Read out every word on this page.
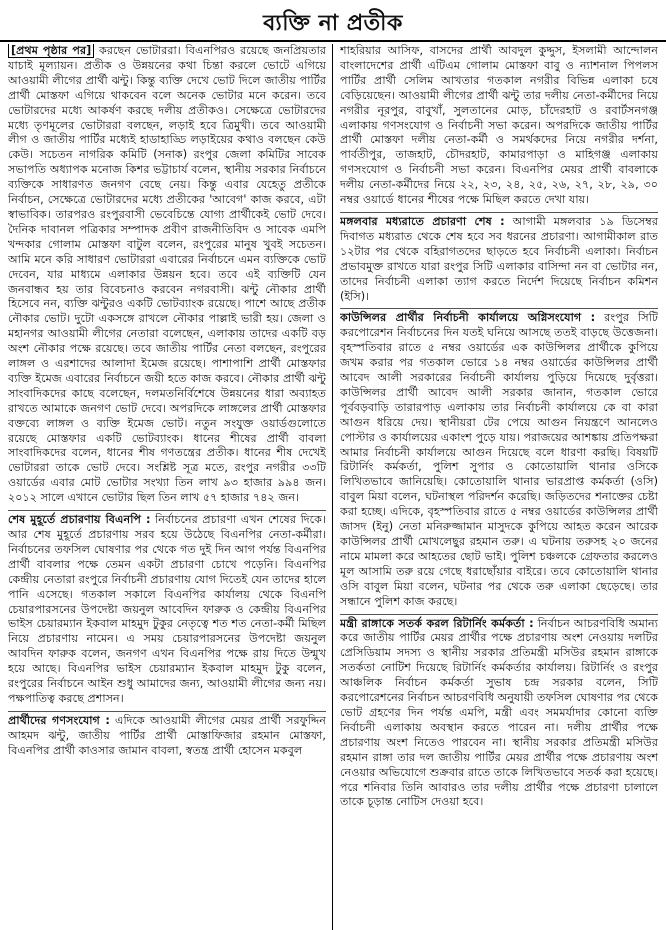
ব্যক্তি না প্রতীক

[প্রথম পৃষ্ঠার পর] করছেন ভোটাররা। বিএনপিরও রয়েছে জনপ্রিয়তার যাচাই মূল্যায়ন। প্রতীক ও উন্নয়নের কথা চিন্তা করলে ভোটে এগিয়ে আওয়ামী লীগের প্রার্থী ঝন্টু। কিন্তু ব্যক্তি দেখে ভোট দিলে জাতীয় পার্টির প্রার্থী মোস্তফা এগিয়ে থাকবেন বলে অনেক ভোটার মনে করেন। তবে ভোটারদের মধ্যে আকর্ষণ করছে দলীয় প্রতীকও। সেক্ষেত্রে ভোটারদের মধ্যে তৃণমূলের ভোটাররা বলছেন, লড়াই হবে ত্রিমুখী। তবে আওয়ামী লীগ ও জাতীয় পার্টির মধ্যেই হাডাহাড্ডি লড়াইয়ের কথাও বলছেন কেউ কেউ। সচেতন নাগরিক কমিটি (সনাক) রংপুর জেলা কমিটির সাবেক সভাপতি অধ্যাপক মনোজ কিশর ভট্টাচার্য বলেন, স্থানীয় সরকার নির্বাচনে ব্যক্তিকে সাধারণত জনগণ বেছে নেয়। কিন্তু এবার যেহেতু প্রতীকে নির্বাচন, সেক্ষেত্রে ভোটারদের মধ্যে প্রতীকের 'আবেগ' কাজ করবে, এটা স্বাভাবিক। তারপরও রংপুরবাসী ভেবেচিন্তে যোগ্য প্রার্থীকেই ভোট দেবে। দৈনিক দাবানল পত্রিকার সম্পাদক প্রবীণ রাজনীতিবিদ ও সাবেক এমপি খন্দকার গোলাম মোস্তফা বাটুল বলেন, রংপুরের মানুষ খুবই সচেতন। আমি মনে করি সাধারণ ভোটাররা এবারের নির্বাচনে এমন ব্যক্তিকে ভোট দেবেন, যার মাধ্যমে এলাকার উন্নয়ন হবে। তবে এই ব্যক্তিটি যেন জনবান্ধব হয় তার বিবেচনাও করবেন নগরবাসী। ঝন্টু নৌকার প্রার্থী হিসেবে নন, ব্যক্তি ঝন্টুরও একটি ভোটব্যাংক রয়েছে। পাশে আছে প্রতীক নৌকার ভোট। দুটো একসঙ্গে রাখলে নৌকার পাল্লাই ভারী হয়। জেলা ও মহানগর আওয়ামী লীগের নেতারা বলেছেন, এলাকায় তাদের একটি বড় অংশ নৌকার পক্ষে রয়েছে। তবে জাতীয় পার্টির নেতা বলছেন, রংপুরের লাঙ্গল ও এরশাদের আলাদা ইমেজ রয়েছে। পাশাপাশি প্রার্থী মোস্তফার ব্যক্তি ইমেজ এবারের নির্বাচনে জয়ী হতে কাজ করবে। নৌকার প্রার্থী ঝন্টু সাংবাদিকদের কাছে বলেছেন, দলমতনির্বিশেষে উন্নয়নের ধারা অব্যাহত রাখতে আমাকে জনগণ ভোট দেবে। অপরদিকে লাঙ্গলের প্রার্থী মোস্তফার বক্তব্যে লাঙ্গল ও ব্যক্তি ইমেজ ভোট। নতুন সংযুক্ত ওয়ার্ডগুলোতে রয়েছে মোস্তফার একটি ভোটব্যাংক। ধানের শীষের প্রার্থী বাবলা সাংবাদিকদের বলেন, ধানের শীষ গণতন্ত্রের প্রতীক। ধানের শীষ দেখেই ভোটাররা তাকে ভোট দেবে। সংশ্লিষ্ট সূত্র মতে, রংপুর নগরীর ৩৩টি ওয়ার্ডের এবার মোট ভোটার সংখ্যা তিন লাখ ৯৩ হাজার ৯৯৪ জন। ২০১২ সালে এখানে ভোটার ছিল তিন লাখ ৫৭ হাজার ৭৪২ জন।

শেষ মুহূর্তে প্রচারণায় বিএনপি : নির্বাচনের প্রচারণা এখন শেষের দিকে। আর শেষ মুহূর্তে প্রচারণায় সরব হয়ে উঠেছে বিএনপির নেতা-কর্মীরা। নির্বাচনের তফসিল ঘোষণার পর থেকে গত দুই দিন আগ পর্যন্ত বিএনপির প্রার্থী বাবলার পক্ষে তেমন একটা প্রচারণা চোখে পড়েনি। বিএনপির কেন্দ্রীয় নেতারা রংপুরে নির্বাচনী প্রচারণায় যোগ দিতেই যেন তাদের হালে পানি এসেছে। গতকাল সকালে বিএনপির কার্যালয় থেকে বিএনপি চেয়ারপারসনের উপদেষ্টা জয়নুল আবেদিন ফারুক ও কেন্দ্রীয় বিএনপির ভাইস চেয়ারম্যান ইকবাল মাহমুদ টুকুর নেতৃত্বে শত শত নেতা-কর্মী মিছিল নিয়ে প্রচারণায় নামেন। এ সময় চেয়ারপারসনের উপদেষ্টা জয়নুল আবদিন ফারুক বলেন, জনগণ এখন বিএনপির পক্ষে রায় দিতে উন্মুখ হয়ে আছে। বিএনপির ভাইস চেয়ারম্যান ইকবাল মাহমুদ টুকু বলেন, রংপুরের নির্বাচনে আইন শুধু আমাদের জন্য, আওয়ামী লীগের জন্য নয়। পক্ষপাতিত্ব করছে প্রশাসন।

প্রার্থীদের গণসংযোগ : এদিকে আওয়ামী লীগের মেয়র প্রার্থী সরফুদ্দিন আহমদ ঝন্টু, জাতীয় পার্টির প্রার্থী মোস্তাফিজার রহমান মোস্তফা, বিএনপির প্রার্থী কাওসার জামান বাবলা, স্বতন্ত্র প্রার্থী হোসেন মকবুল

শাহরিয়ার আসিফ, বাসদের প্রার্থী আবদুল কুদ্দুস, ইসলামী আন্দোলন বাংলাদেশের প্রার্থী এটিএম গোলাম মোস্তফা বাবু ও ন্যাশনাল পিপলস পার্টির প্রার্থী সেলিম আখতার গতকাল নগরীর বিভিন্ন এলাকা চষে বেড়িয়েছেন। আওয়ামী লীগের প্রার্থী ঝন্টু তার দলীয় নেতা-কর্মীদের নিয়ে নগরীর নূরপুর, বাবুখাঁ, সুলতানের মোড়, চাঁদেরহাট ও রবার্টসনগঞ্জ এলাকায় গণসংযোগ ও নির্বাচনী সভা করেন। অপরদিকে জাতীয় পার্টির প্রার্থী মোস্তফা দলীয় নেতা-কর্মী ও সমর্থকদের নিয়ে নগরীর দর্শনা, পার্বতীপুর, তাজহাট, চৌদরহাট, কামারপাড়া ও মাহিগঞ্জ এলাকায় গণসংযোগ ও নির্বাচনী সভা করেন। বিএনপির মেয়র প্রার্থী বাবলাকে দলীয় নেতা-কর্মীদের নিয়ে ২২, ২৩, ২৪, ২৫, ২৬, ২৭, ২৮, ২৯, ৩০ নম্বর ওয়ার্ডে ধানের শীষের পক্ষে মিছিল করতে দেখা যায়।

মঙ্গলবার মধ্যরাতে প্রচারণা শেষ : আগামী মঙ্গলবার ১৯ ডিসেম্বর দিবাগত মধ্যরাত থেকে শেষ হবে সব ধরনের প্রচারণা। আগামীকাল রাত ১২টার পর থেকে বহিরাগতদের ছাড়তে হবে নির্বাচনী এলাকা। নির্বাচন প্রভাবমুক্ত রাখতে যারা রংপুর সিটি এলাকার বাসিন্দা নন বা ভোটার নন, তাদের নির্বাচনী এলাকা ত্যাগ করতে নির্দেশ দিয়েছে নির্বাচন কমিশন (ইসি)।

কাউন্সিলর প্রার্থীর নির্বাচনী কার্যালয়ে অগ্নিসংযোগ : রংপুর সিটি করপোরেশন নির্বাচনের দিন যতই ঘনিয়ে আসছে ততই বাড়ছে উত্তেজনা। বৃহস্পতিবার রাতে ৫ নম্বর ওয়ার্ডের এক কাউন্সিলর প্রার্থীকে কুপিয়ে জখম করার পর গতকাল ভোরে ১৪ নম্বর ওয়ার্ডের কাউন্সিলর প্রার্থী আবেদ আলী সরকারের নির্বাচনী কার্যালয় পুড়িয়ে দিয়েছে দুর্বৃত্তরা। কাউন্সিলর প্রার্থী আবেদ আলী সরকার জানান, গতকাল ভোরে পূর্ববড়বাড়ি তারারপাড় এলাকায় তার নির্বাচনী কার্যালয়ে কে বা কারা আগুন ধরিয়ে দেয়। স্থানীয়রা টের পেয়ে আগুন নিয়ন্ত্রণে আনলেও পোস্টার ও কার্যালয়ের একাংশ পুড়ে যায়। পরাজয়ের আশঙ্কায় প্রতিপক্ষরা আমার নির্বাচনী কার্যালয়ে আগুন দিয়েছে বলে ধারণা করছি। বিষয়টি রিটার্নিং কর্মকর্তা, পুলিশ সুপার ও কোতোয়ালি থানার ওসিকে লিখিতভাবে জানিয়েছি। কোতোয়ালি থানার ভারপ্রাপ্ত কর্মকর্তা (ওসি) বাবুল মিয়া বলেন, ঘটনাস্থল পরিদর্শন করেছি। জড়িতদের শনাক্তের চেষ্টা করা হচ্ছে। এদিকে, বৃহস্পতিবার রাতে ৫ নম্বর ওয়ার্ডের কাউন্সিলর প্রার্থী জাসদ (ইনু) নেতা মনিরুজ্জামান মাসুদকে কুপিয়ে আহত করেন আরেক কাউন্সিলর প্রার্থী মোখলেছুর রহমান তরু। এ ঘটনায় তরুসহ ২০ জনের নামে মামলা করে আহতের ছোট ভাই। পুলিশ চঞ্চলকে গ্রেফতার করলেও মূল আসামি তরু রয়ে গেছে ধরাছোঁয়ার বাইরে। তবে কোতোয়ালি থানার ওসি বাবুল মিয়া বলেন, ঘটনার পর থেকে তরু এলাকা ছেড়েছে। তার সন্ধানে পুলিশ কাজ করছে।

মন্ত্রী রাঙ্গাকে সতর্ক করল রিটার্নিং কর্মকর্তা : নির্বাচন আচরণবিধি অমান্য করে জাতীয় পার্টির মেয়র প্রার্থীর পক্ষে প্রচারণায় অংশ নেওয়ায় দলটির প্রেসিডিয়াম সদস্য ও স্থানীয় সরকার প্রতিমন্ত্রী মসিউর রহমান রাঙ্গাকে সতর্কতা নোটিশ দিয়েছে রিটার্নিং কর্মকর্তার কার্যালয়। রিটার্নিং ও রংপুর আঞ্চলিক নির্বাচন কর্মকর্তা সুভাষ চন্দ্র সরকার বলেন, সিটি করপোরেশনের নির্বাচন আচরণবিধি অনুযায়ী তফসিল ঘোষণার পর থেকে ভোট গ্রহণের দিন পর্যন্ত এমপি, মন্ত্রী এবং সমমর্যাদার কোনো ব্যক্তি নির্বাচনী এলাকায় অবস্থান করতে পারেন না। দলীয় প্রার্থীর পক্ষে প্রচারণায় অংশ নিতেও পারবেন না। স্থানীয় সরকার প্রতিমন্ত্রী মসিউর রহমান রাঙ্গা তার দল জাতীয় পার্টির মেয়র প্রার্থীর পক্ষে প্রচারণায় অংশ নেওয়ার অভিযোগে শুক্রবার রাতে তাকে লিখিতভাবে সতর্ক করা হয়েছে। পরে শনিবার তিনি আবারও তার দলীয় প্রার্থীর পক্ষে প্রচারণা চালালে তাকে চূড়ান্ত নোটিস দেওয়া হবে।
